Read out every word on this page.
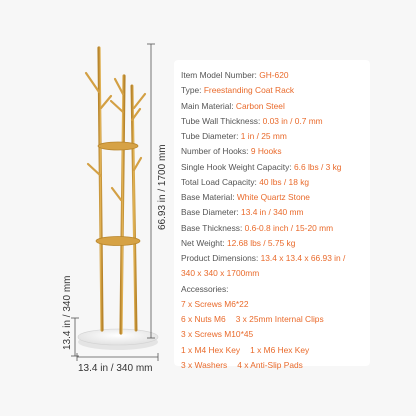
66.93 in / 1700 mm
13.4 in / 340 mm
13.4 in / 340 mm
Item Model Number: GH-620
Type: Freestanding Coat Rack
Main Material: Carbon Steel
Tube Wall Thickness: 0.03 in / 0.7 mm
Tube Diameter: 1 in / 25 mm
Number of Hooks: 9 Hooks
Single Hook Weight Capacity: 6.6 lbs / 3 kg
Total Load Capacity: 40 lbs / 18 kg
Base Material: White Quartz Stone
Base Diameter: 13.4 in / 340 mm
Base Thickness: 0.6-0.8 inch / 15-20 mm
Net Weight: 12.68 lbs / 5.75 kg
Product Dimensions: 13.4 x 13.4 x 66.93 in /
340 x 340 x 1700mm
Accessories:
7 x Screws M6*22
6 x Nuts M6 3 x 25mm Internal Clips
3 x Screws M10*45
1 x M4 Hex Key 1 x M6 Hex Key
3 x Washers 4 x Anti-Slip Pads
